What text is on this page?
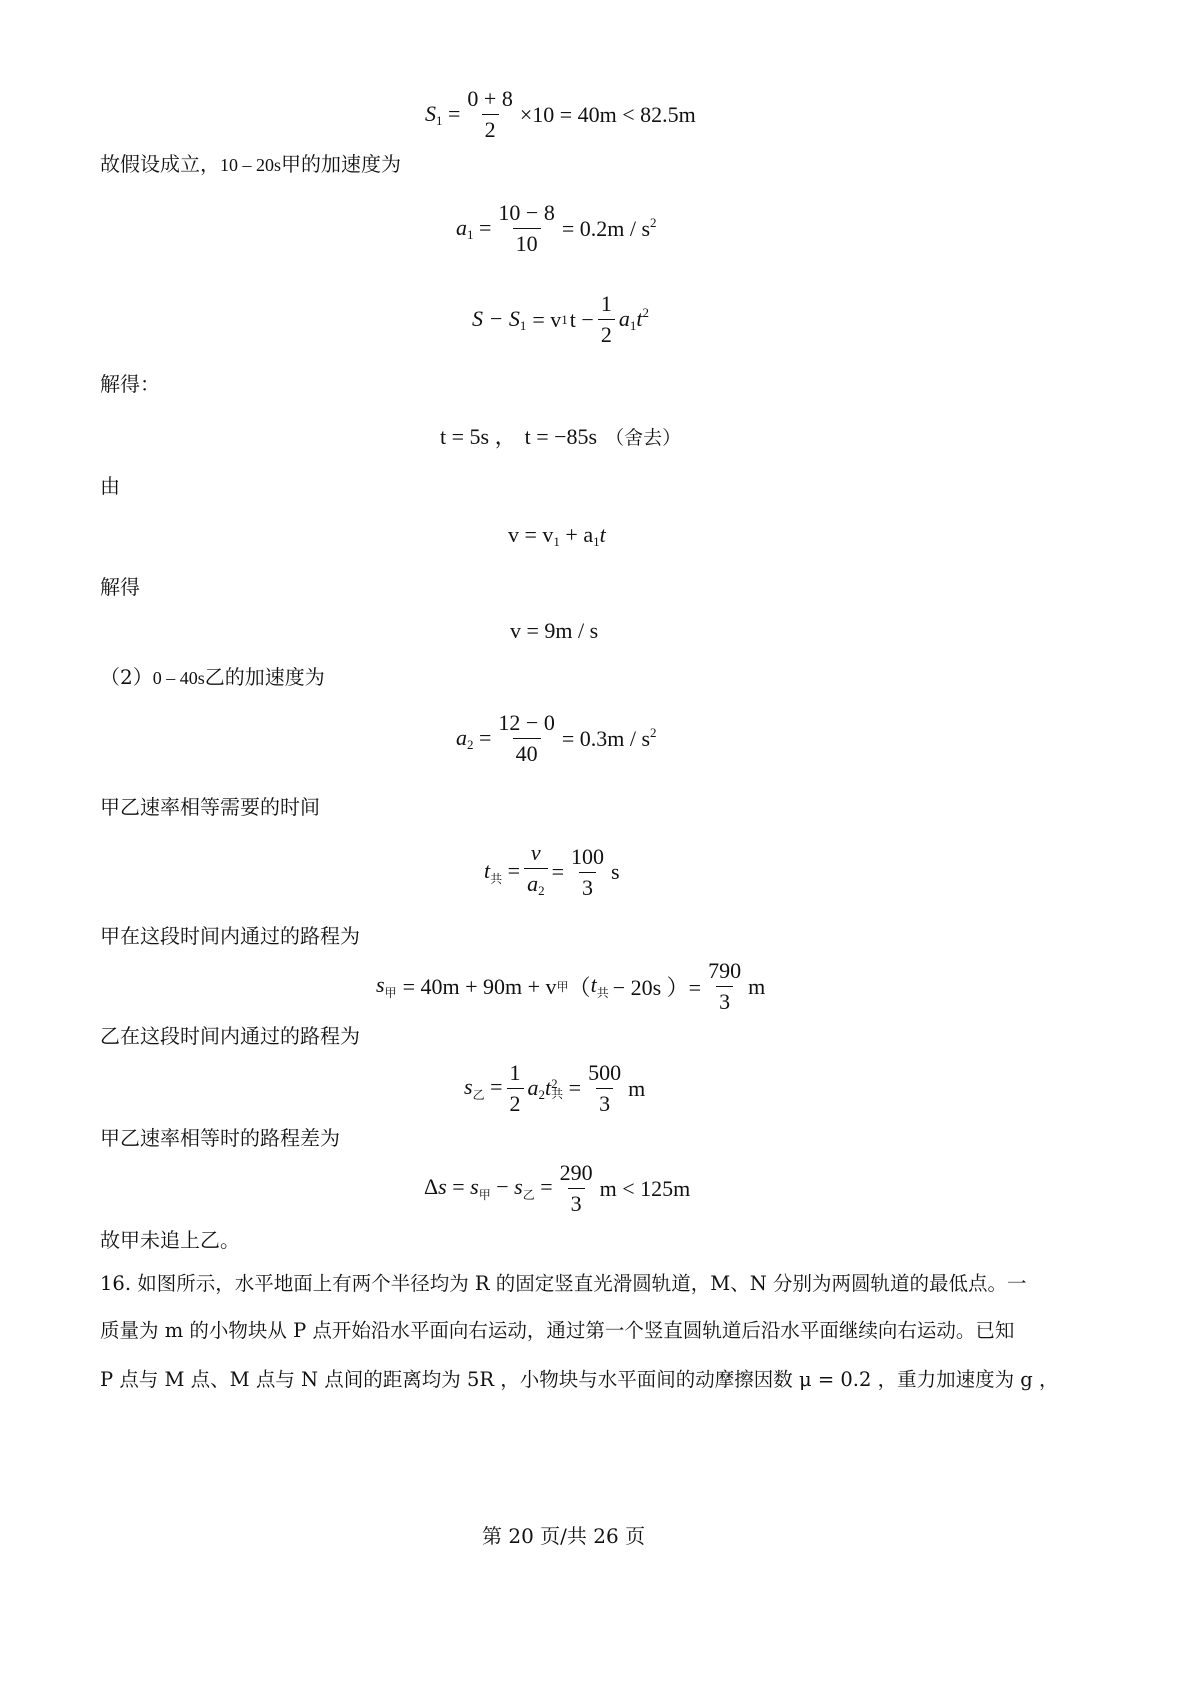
$S_1 = \frac{0 + 8}{2} \times 10 = 40m < 82.5m$
故假设成立，10 – 20s甲的加速度为
$a_1 = \frac{10 - 8}{10} = 0.2m / s^2$
$S - S_1 = v$ 1 $t - \frac{1}{2} a_1t^2$
解得：
t = 5s ， t = −85s （舍去）
由
$v = v_1 + a_1t$
解得
v = 9m / s
（2）0 – 40s乙的加速度为
$a_2 = \frac{12 - 0}{40} = 0.3m / s^2$
甲乙速率相等需要的时间
$t_共 = \frac{v}{a_2} = \frac{100}{3}$ s
甲在这段时间内通过的路程为
$s_甲 = 40m + 90m + v$ 甲 （ $t_共 - 20s$ ）= $\frac{790}{3}$ m
乙在这段时间内通过的路程为
$s_乙 = \frac{1}{2} a_2t$ 2
共 = $\frac{500}{3}$ m
甲乙速率相等时的路程差为
$\Delta s = s_甲 - s_乙 = \frac{290}{3}$ m < 125m
故甲未追上乙。
16. 如图所示，水平地面上有两个半径均为 R 的固定竖直光滑圆轨道，M、N 分别为两圆轨道的最低点。一
质量为 m 的小物块从 P 点开始沿水平面向右运动，通过第一个竖直圆轨道后沿水平面继续向右运动。已知
P 点与 M 点、M 点与 N 点间的距离均为 5R ，小物块与水平面间的动摩擦因数 μ = 0.2 ，重力加速度为 g ，
第 20 页/共 26 页
